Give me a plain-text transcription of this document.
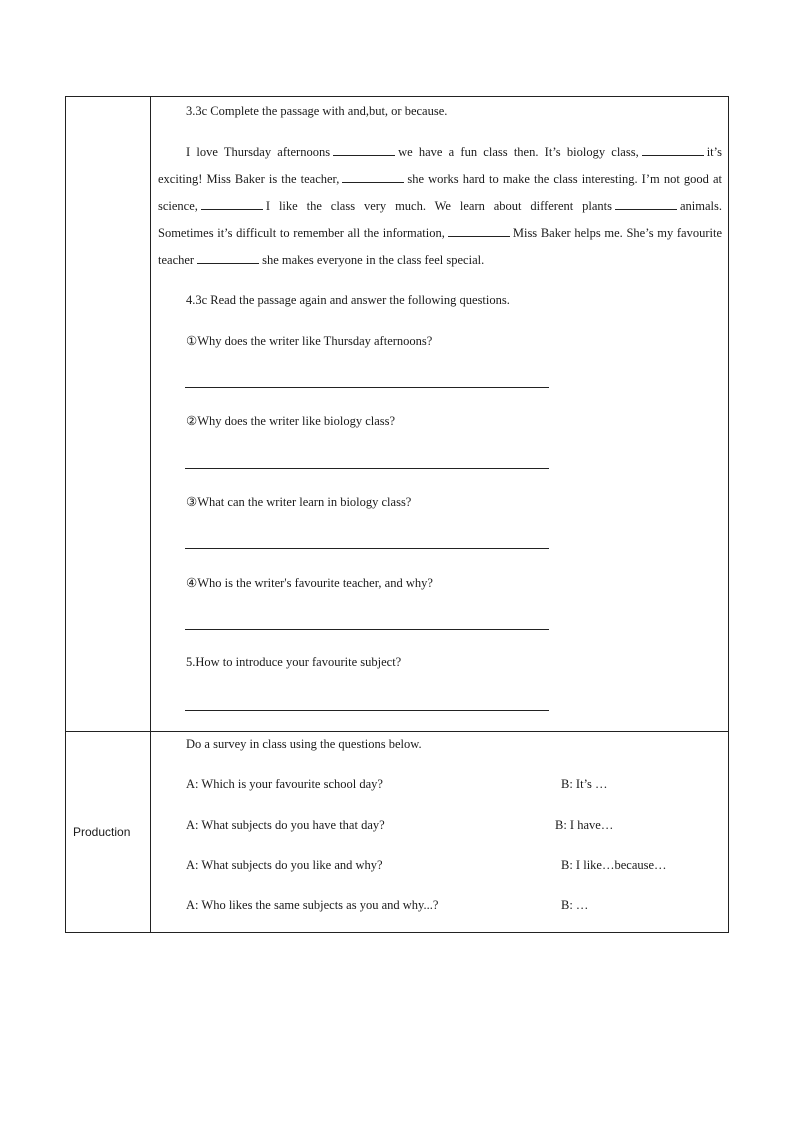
3.3c Complete the passage with and,but, or because.
I love Thursday afternoons	we have a fun class then. It’s biology class,	it’s exciting! Miss Baker is the teacher,	she works hard to make the class interesting. I’m not good at science,	I like the class very much. We learn about different plants	animals. Sometimes it’s difficult to remember all the information,	Miss Baker helps me. She’s my favourite teacher	she makes everyone in the class feel special.
4.3c Read the passage again and answer the following questions.
①Why does the writer like Thursday afternoons?
②Why does the writer like biology class?
③What can the writer learn in biology class?
④Who is the writer's favourite teacher, and why?
5.How to introduce your favourite subject?
Production
Do a survey in class using the questions below.
A: Which is your favourite school day?	B: It’s …
A: What subjects do you have that day?	B: I have…
A: What subjects do you like and why?	B: I like…because…
A: Who likes the same subjects as you and why...?	B: …
